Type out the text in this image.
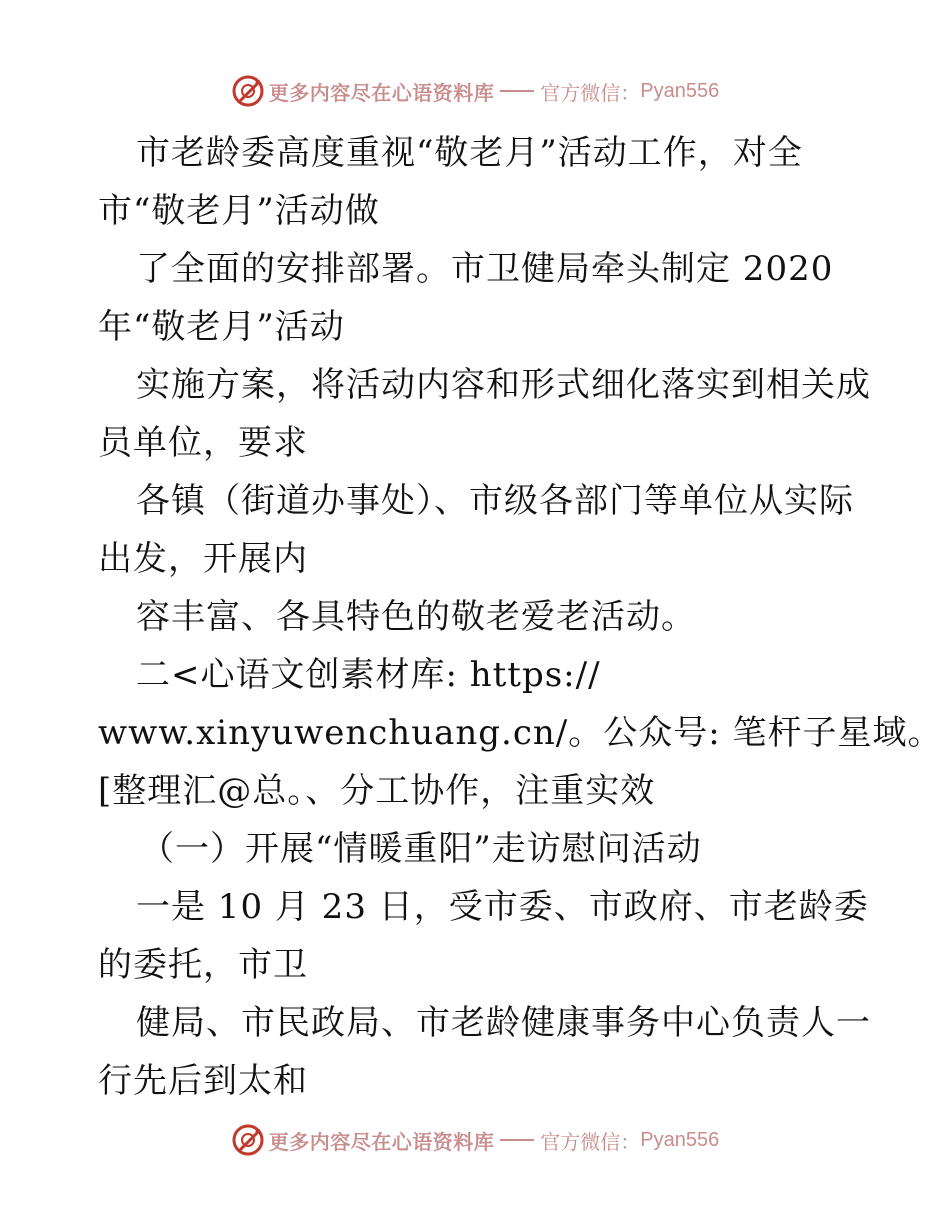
更多内容尽在心语资料库 官方微信： Pyan556
市老龄委高度重视“敬老月”活动工作，对全
市“敬老月”活动做
了全面的安排部署。市卫健局牵头制定 2020
年“敬老月”活动
实施方案，将活动内容和形式细化落实到相关成
员单位，要求
各镇（街道办事处）、市级各部门等单位从实际
出发，开展内
容丰富、各具特色的敬老爱老活动。
二<心语文创素材库: https://
www.xinyuwenchuang.cn/。公众号: 笔杆子星域。
[整理汇@总。、分工协作，注重实效
（一）开展“情暖重阳”走访慰问活动
一是 10 月 23 日，受市委、市政府、市老龄委
的委托，市卫
健局、市民政局、市老龄健康事务中心负责人一
行先后到太和
更多内容尽在心语资料库 官方微信： Pyan556
